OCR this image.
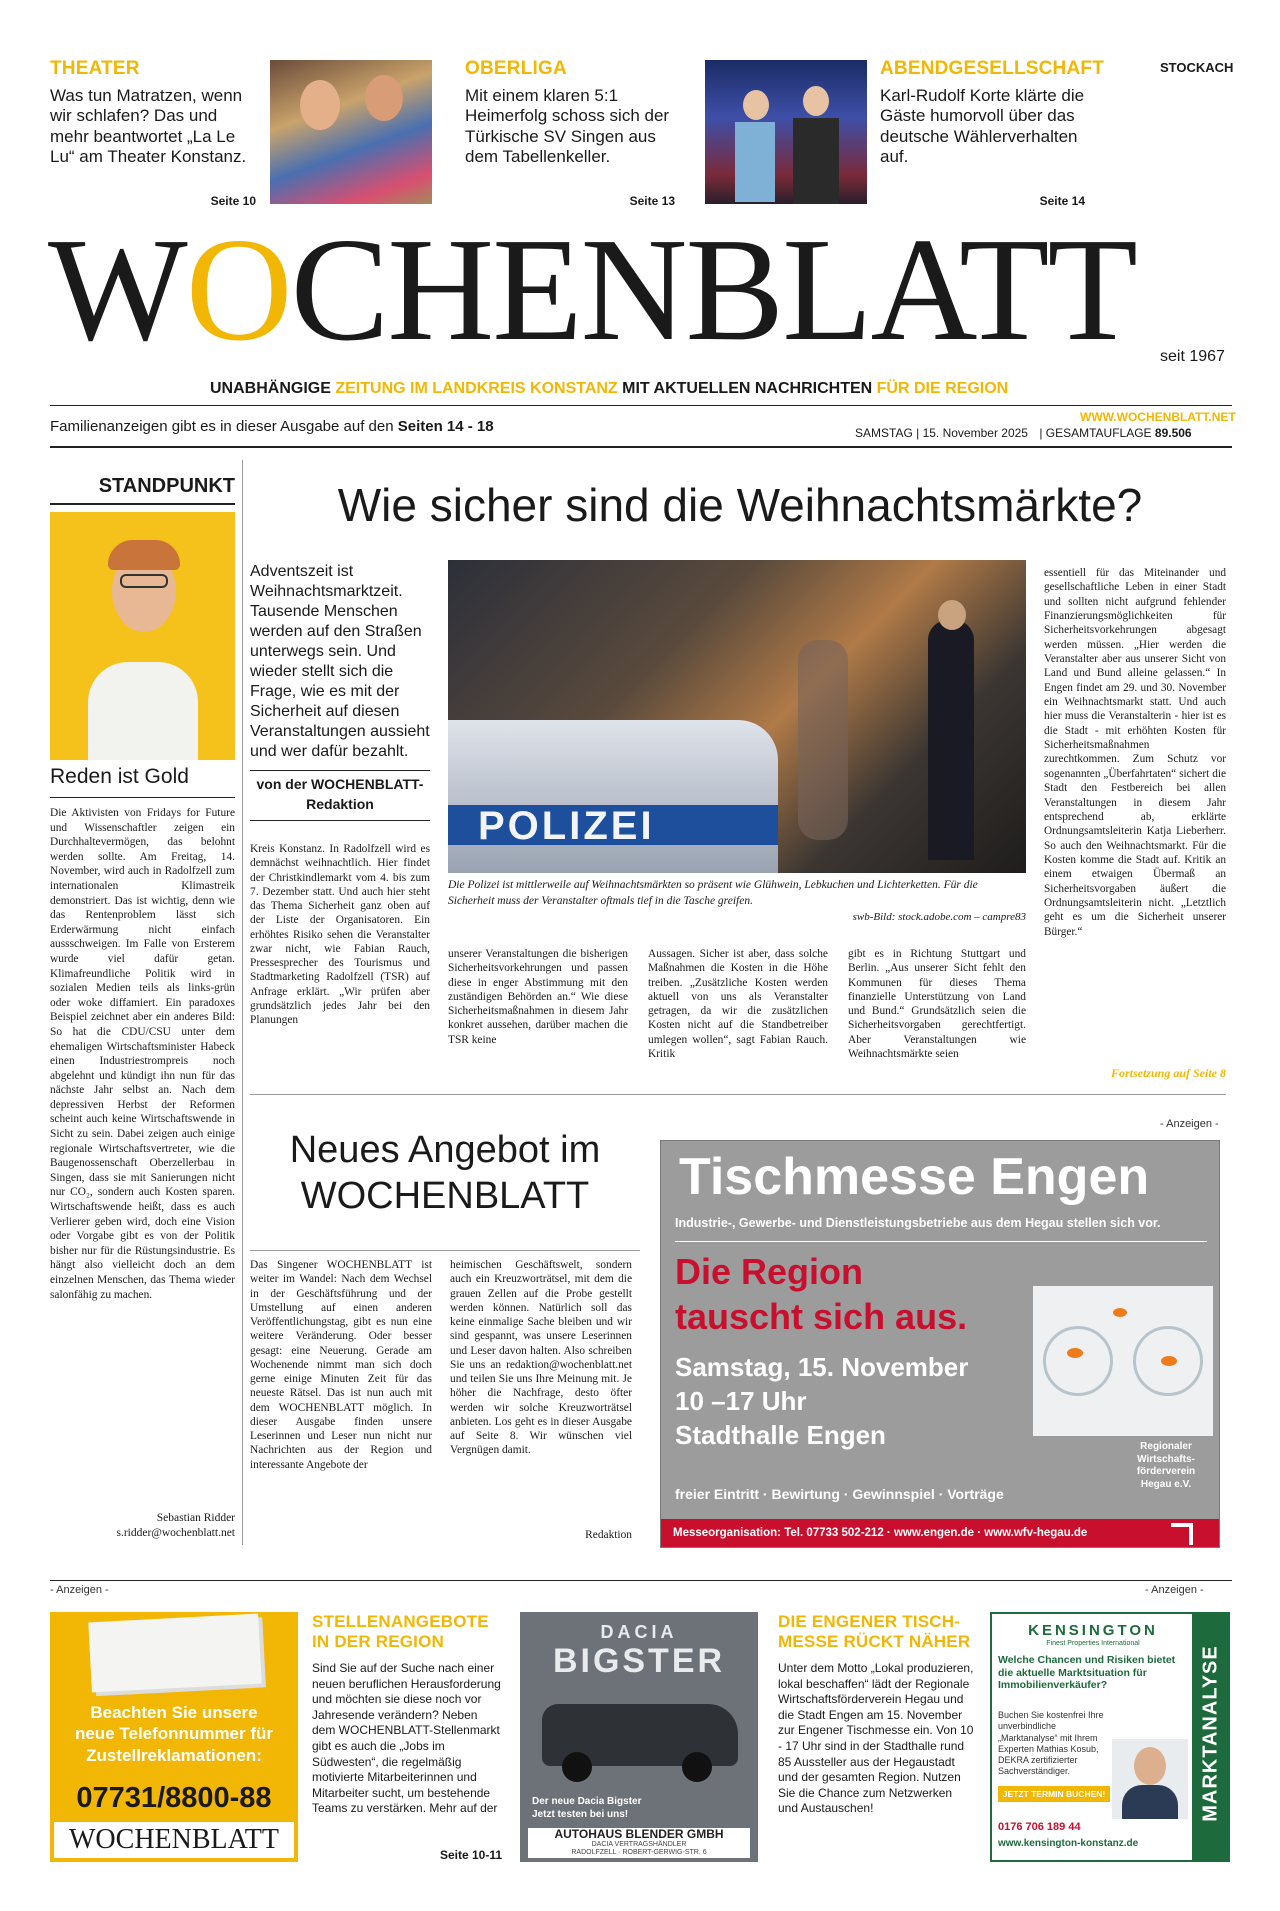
THEATER
Was tun Matratzen, wenn wir schlafen? Das und mehr beantwortet „La Le Lu“ am Theater Konstanz.
Seite 10
OBERLIGA
Mit einem klaren 5:1 Heimerfolg schoss sich der Türkische SV Singen aus dem Tabellenkeller.
Seite 13
ABENDGESELLSCHAFT
Karl-Rudolf Korte klärte die Gäste humorvoll über das deutsche Wählerverhalten auf.
Seite 14
STOCKACH
WOCHENBLATT seit 1967
UNABHÄNGIGE ZEITUNG IM LANDKREIS KONSTANZ MIT AKTUELLEN NACHRICHTEN FÜR DIE REGION
Familienanzeigen gibt es in dieser Ausgabe auf den Seiten 14 - 18
WWW.WOCHENBLATT.NET
SAMSTAG | 15. November 2025 | GESAMTAUFLAGE 89.506
STANDPUNKT
Reden ist Gold
Die Aktivisten von Fridays for Future und Wissenschaftler zeigen ein Durchhaltevermögen, das belohnt werden sollte. Am Freitag, 14. November, wird auch in Radolfzell zum internationalen Klimastreik demonstriert. Das ist wichtig, denn wie das Rentenproblem lässt sich Erderwärmung nicht einfach aussschweigen. Im Falle von Ersterem wurde viel dafür getan. Klimafreundliche Politik wird in sozialen Medien teils als links-grün oder woke diffamiert. Ein paradoxes Beispiel zeichnet aber ein anderes Bild: So hat die CDU/CSU unter dem ehemaligen Wirtschaftsminister Habeck einen Industriestrompreis noch abgelehnt und kündigt ihn nun für das nächste Jahr selbst an. Nach dem depressiven Herbst der Reformen scheint auch keine Wirtschaftswende in Sicht zu sein. Dabei zeigen auch einige regionale Wirtschaftsvertreter, wie die Baugenossenschaft Oberzellerbau in Singen, dass sie mit Sanierungen nicht nur CO₂, sondern auch Kosten sparen. Wirtschaftswende heißt, dass es auch Verlierer geben wird, doch eine Vision oder Vorgabe gibt es von der Politik bisher nur für die Rüstungsindustrie. Es hängt also vielleicht doch an dem einzelnen Menschen, das Thema wieder salonfähig zu machen.
Sebastian Ridder
s.ridder@wochenblatt.net
Wie sicher sind die Weihnachtsmärkte?
Adventszeit ist Weihnachtsmarktzeit. Tausende Menschen werden auf den Straßen unterwegs sein. Und wieder stellt sich die Frage, wie es mit der Sicherheit auf diesen Veranstaltungen aussieht und wer dafür bezahlt.
von der WOCHENBLATT-
Redaktion	POLIZEI
Die Polizei ist mittlerweile auf Weihnachtsmärkten so präsent wie Glühwein, Lebkuchen und Lichterketten. Für die Sicherheit muss der Veranstalter oftmals tief in die Tasche greifen.
swb-Bild: stock.adobe.com – campre83
Kreis Konstanz. In Radolfzell wird es demnächst weihnachtlich. Hier findet der Christkindlemarkt vom 4. bis zum 7. Dezember statt. Und auch hier steht das Thema Sicherheit ganz oben auf der Liste der Organisatoren. Ein erhöhtes Risiko sehen die Veranstalter zwar nicht, wie Fabian Rauch, Pressesprecher des Tourismus und Stadtmarketing Radolfzell (TSR) auf Anfrage erklärt. „Wir prüfen aber grundsätzlich jedes Jahr bei den Planungen
unserer Veranstaltungen die bisherigen Sicherheitsvorkehrungen und passen diese in enger Abstimmung mit den zuständigen Behörden an.“ Wie diese Sicherheitsmaßnahmen in diesem Jahr konkret aussehen, darüber machen die TSR keine
Aussagen. Sicher ist aber, dass solche Maßnahmen die Kosten in die Höhe treiben. „Zusätzliche Kosten werden aktuell von uns als Veranstalter getragen, da wir die zusätzlichen Kosten nicht auf die Standbetreiber umlegen wollen“, sagt Fabian Rauch. Kritik
gibt es in Richtung Stuttgart und Berlin. „Aus unserer Sicht fehlt den Kommunen für dieses Thema finanzielle Unterstützung von Land und Bund.“ Grundsätzlich seien die Sicherheitsvorgaben gerechtfertigt. Aber Veranstaltungen wie Weihnachtsmärkte seien
essentiell für das Miteinander und gesellschaftliche Leben in einer Stadt und sollten nicht aufgrund fehlender Finanzierungsmöglichkeiten für Sicherheitsvorkehrungen abgesagt werden müssen. „Hier werden die Veranstalter aber aus unserer Sicht von Land und Bund alleine gelassen.“ In Engen findet am 29. und 30. November ein Weihnachtsmarkt statt. Und auch hier muss die Veranstalterin - hier ist es die Stadt - mit erhöhten Kosten für Sicherheitsmaßnahmen zurechtkommen. Zum Schutz vor sogenannten „Überfahrtaten“ sichert die Stadt den Festbereich bei allen Veranstaltungen in diesem Jahr entsprechend ab, erklärte Ordnungsamtsleiterin Katja Lieberherr. So auch den Weihnachtsmarkt. Für die Kosten komme die Stadt auf. Kritik an einem etwaigen Übermaß an Sicherheitsvorgaben äußert die Ordnungsamtsleiterin nicht. „Letztlich geht es um die Sicherheit unserer Bürger.“
Fortsetzung auf Seite 8
Neues Angebot im
WOCHENBLATT
Das Singener WOCHENBLATT ist weiter im Wandel: Nach dem Wechsel in der Geschäftsführung und der Umstellung auf einen anderen Veröffentlichungstag, gibt es nun eine weitere Veränderung. Oder besser gesagt: eine Neuerung. Gerade am Wochenende nimmt man sich doch gerne einige Minuten Zeit für das neueste Rätsel. Das ist nun auch mit dem WOCHENBLATT möglich. In dieser Ausgabe finden unsere Leserinnen und Leser nun nicht nur Nachrichten aus der Region und interessante Angebote der
heimischen Geschäftswelt, sondern auch ein Kreuzworträtsel, mit dem die grauen Zellen auf die Probe gestellt werden können. Natürlich soll das keine einmalige Sache bleiben und wir sind gespannt, was unsere Leserinnen und Leser davon halten. Also schreiben Sie uns an redaktion@wochenblatt.net und teilen Sie uns Ihre Meinung mit. Je höher die Nachfrage, desto öfter werden wir solche Kreuzworträtsel anbieten. Los geht es in dieser Ausgabe auf Seite 8. Wir wünschen viel Vergnügen damit.
Redaktion
- Anzeigen -
Tischmesse Engen
Industrie-, Gewerbe- und Dienstleistungsbetriebe aus dem Hegau stellen sich vor.
Die Region
tauscht sich aus.
Samstag, 15. November
10 –17 Uhr
Stadthalle Engen	Regionaler
Wirtschafts-
förderverein
Hegau e.V.
freier Eintritt · Bewirtung · Gewinnspiel · Vorträge
Messeorganisation: Tel. 07733 502-212 · www.engen.de · www.wfv-hegau.de
- Anzeigen -	- Anzeigen -
Beachten Sie unsere
neue Telefonnummer für
Zustellreklamationen:
07731/8800-88
WOCHENBLATT
STELLENANGEBOTE
IN DER REGION
Sind Sie auf der Suche nach einer neuen beruflichen Herausforderung und möchten sie diese noch vor Jahresende verändern? Neben dem WOCHENBLATT-Stellenmarkt gibt es auch die „Jobs im Südwesten“, die regelmäßig motivierte Mitarbeiterinnen und Mitarbeiter sucht, um bestehende Teams zu verstärken. Mehr auf der
Seite 10-11
DACIA
BIGSTER
Der neue Dacia Bigster
Jetzt testen bei uns!
AUTOHAUS BLENDER GMBH
DACIA VERTRAGSHÄNDLER
RADOLFZELL · ROBERT-GERWIG-STR. 6
DIE ENGENER TISCH-
MESSE RÜCKT NÄHER
Unter dem Motto „Lokal produzieren, lokal beschaffen“ lädt der Regionale Wirtschaftsförderverein Hegau und die Stadt Engen am 15. November zur Engener Tischmesse ein. Von 10 - 17 Uhr sind in der Stadthalle rund 85 Aussteller aus der Hegaustadt und der gesamten Region. Nutzen Sie die Chance zum Netzwerken und Austauschen!
KENSINGTON
Finest Properties International
Welche Chancen und Risiken bietet die aktuelle Marktsituation für Immobilienverkäufer?
Buchen Sie kostenfrei Ihre unverbindliche „Marktanalyse“ mit Ihrem Experten Mathias Kosub, DEKRA zertifizierter Sachverständiger.
JETZT TERMIN BUCHEN!
0176 706 189 44
www.kensington-konstanz.de
MARKTANALYSE
